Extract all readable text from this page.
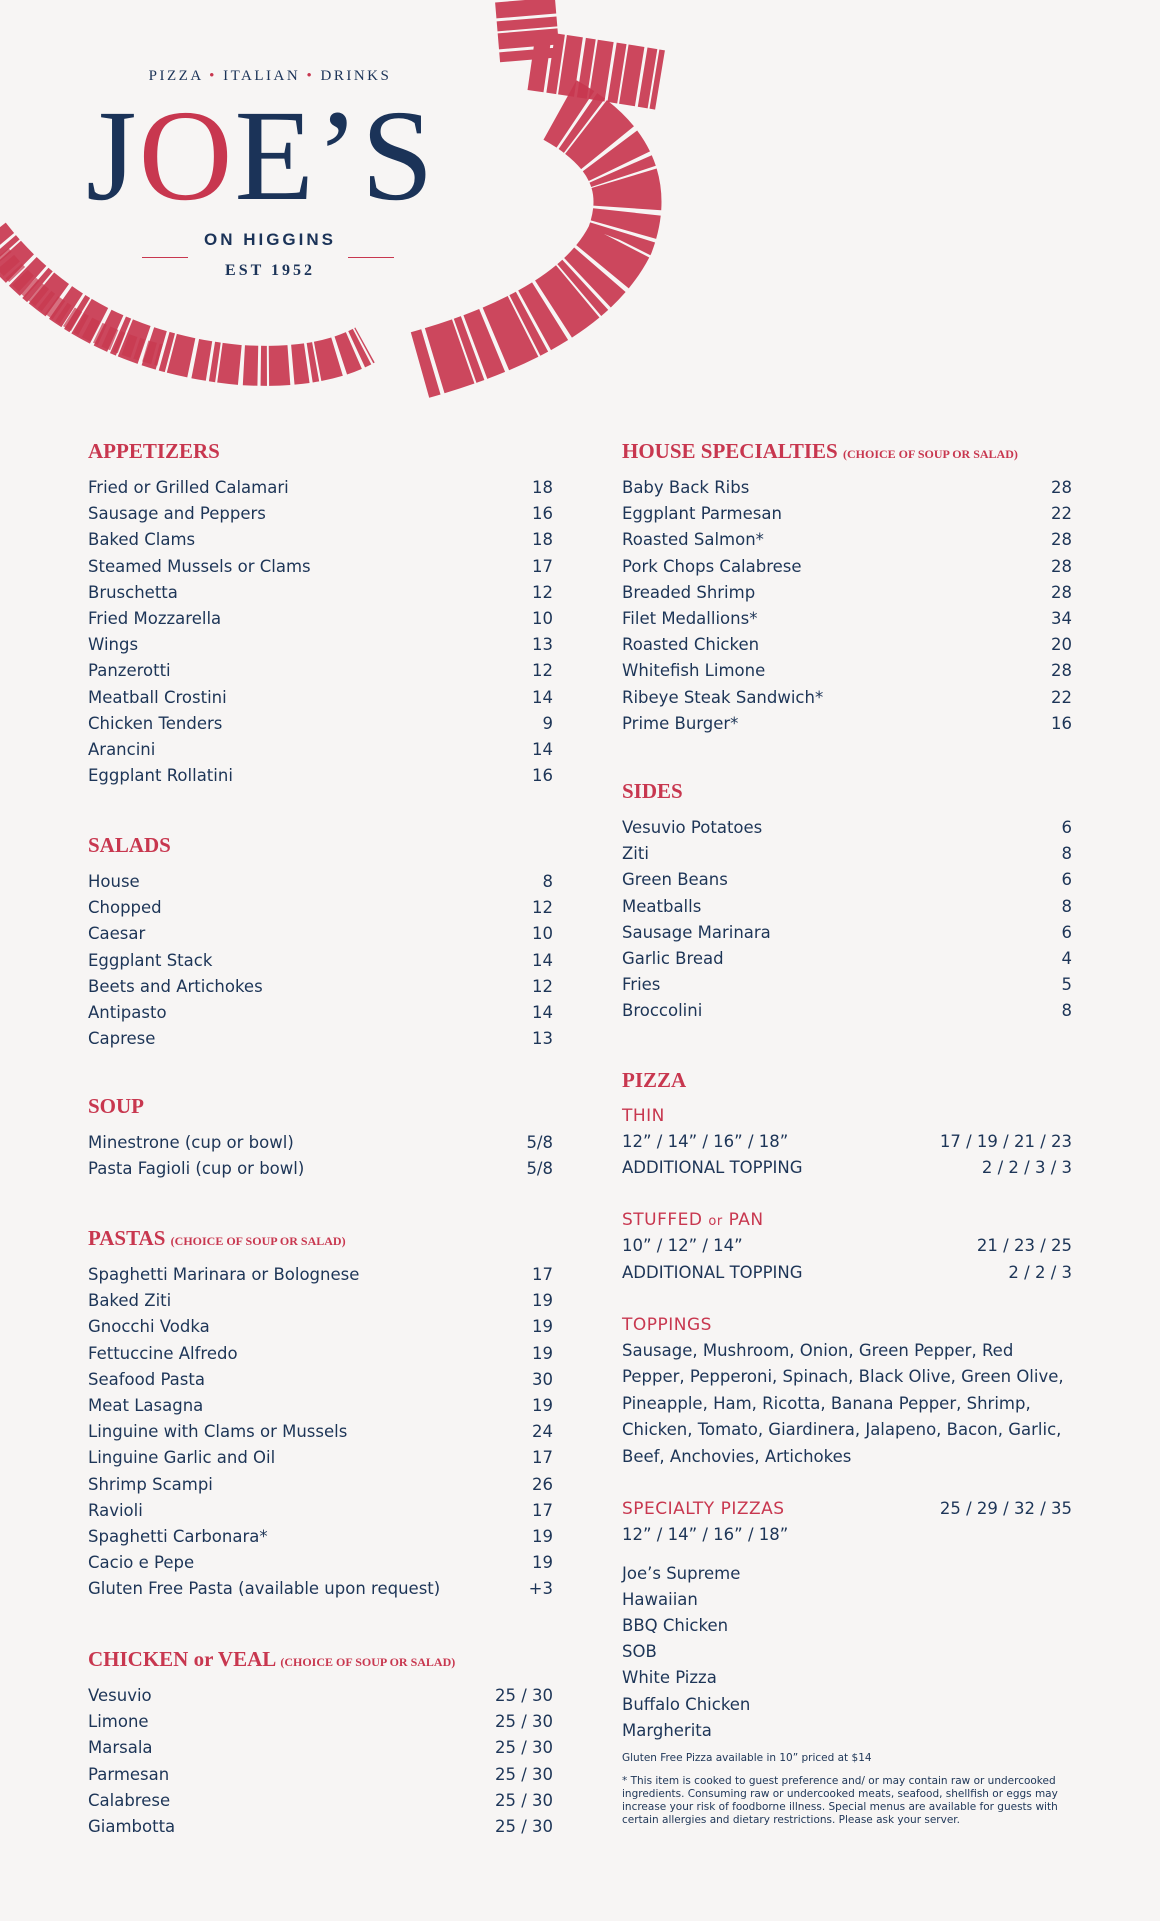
PIZZA • ITALIAN • DRINKS
JOE’S
ON HIGGINS
EST 1952
APPETIZERS
Fried or Grilled Calamari	18
Sausage and Peppers	16
Baked Clams	18
Steamed Mussels or Clams	17
Bruschetta	12
Fried Mozzarella	10
Wings	13
Panzerotti	12
Meatball Crostini	14
Chicken Tenders	9
Arancini	14
Eggplant Rollatini	16
SALADS
House	8
Chopped	12
Caesar	10
Eggplant Stack	14
Beets and Artichokes	12
Antipasto	14
Caprese	13
SOUP
Minestrone (cup or bowl)	5/8
Pasta Fagioli (cup or bowl)	5/8
PASTAS (CHOICE OF SOUP OR SALAD)
Spaghetti Marinara or Bolognese	17
Baked Ziti	19
Gnocchi Vodka	19
Fettuccine Alfredo	19
Seafood Pasta	30
Meat Lasagna	19
Linguine with Clams or Mussels	24
Linguine Garlic and Oil	17
Shrimp Scampi	26
Ravioli	17
Spaghetti Carbonara*	19
Cacio e Pepe	19
Gluten Free Pasta (available upon request)	+3
CHICKEN or VEAL (CHOICE OF SOUP OR SALAD)
Vesuvio	25 / 30
Limone	25 / 30
Marsala	25 / 30
Parmesan	25 / 30
Calabrese	25 / 30
Giambotta	25 / 30
HOUSE SPECIALTIES (CHOICE OF SOUP OR SALAD)
Baby Back Ribs	28
Eggplant Parmesan	22
Roasted Salmon*	28
Pork Chops Calabrese	28
Breaded Shrimp	28
Filet Medallions*	34
Roasted Chicken	20
Whitefish Limone	28
Ribeye Steak Sandwich*	22
Prime Burger*	16
SIDES
Vesuvio Potatoes	6
Ziti	8
Green Beans	6
Meatballs	8
Sausage Marinara	6
Garlic Bread	4
Fries	5
Broccolini	8
PIZZA
THIN
12” / 14” / 16” / 18”	17 / 19 / 21 / 23
ADDITIONAL TOPPING	2 / 2 / 3 / 3
STUFFED or PAN
10” / 12” / 14”	21 / 23 / 25
ADDITIONAL TOPPING	2 / 2 / 3
TOPPINGS
Sausage, Mushroom, Onion, Green Pepper, Red Pepper, Pepperoni, Spinach, Black Olive, Green Olive, Pineapple, Ham, Ricotta, Banana Pepper, Shrimp, Chicken, Tomato, Giardinera, Jalapeno, Bacon, Garlic, Beef, Anchovies, Artichokes
SPECIALTY PIZZAS	25 / 29 / 32 / 35
12” / 14” / 16” / 18”
Joe’s Supreme
Hawaiian
BBQ Chicken
SOB
White Pizza
Buffalo Chicken
Margherita
Gluten Free Pizza available in 10” priced at $14
* This item is cooked to guest preference and/ or may contain raw or undercooked ingredients. Consuming raw or undercooked meats, seafood, shellfish or eggs may increase your risk of foodborne illness. Special menus are available for guests with certain allergies and dietary restrictions. Please ask your server.
